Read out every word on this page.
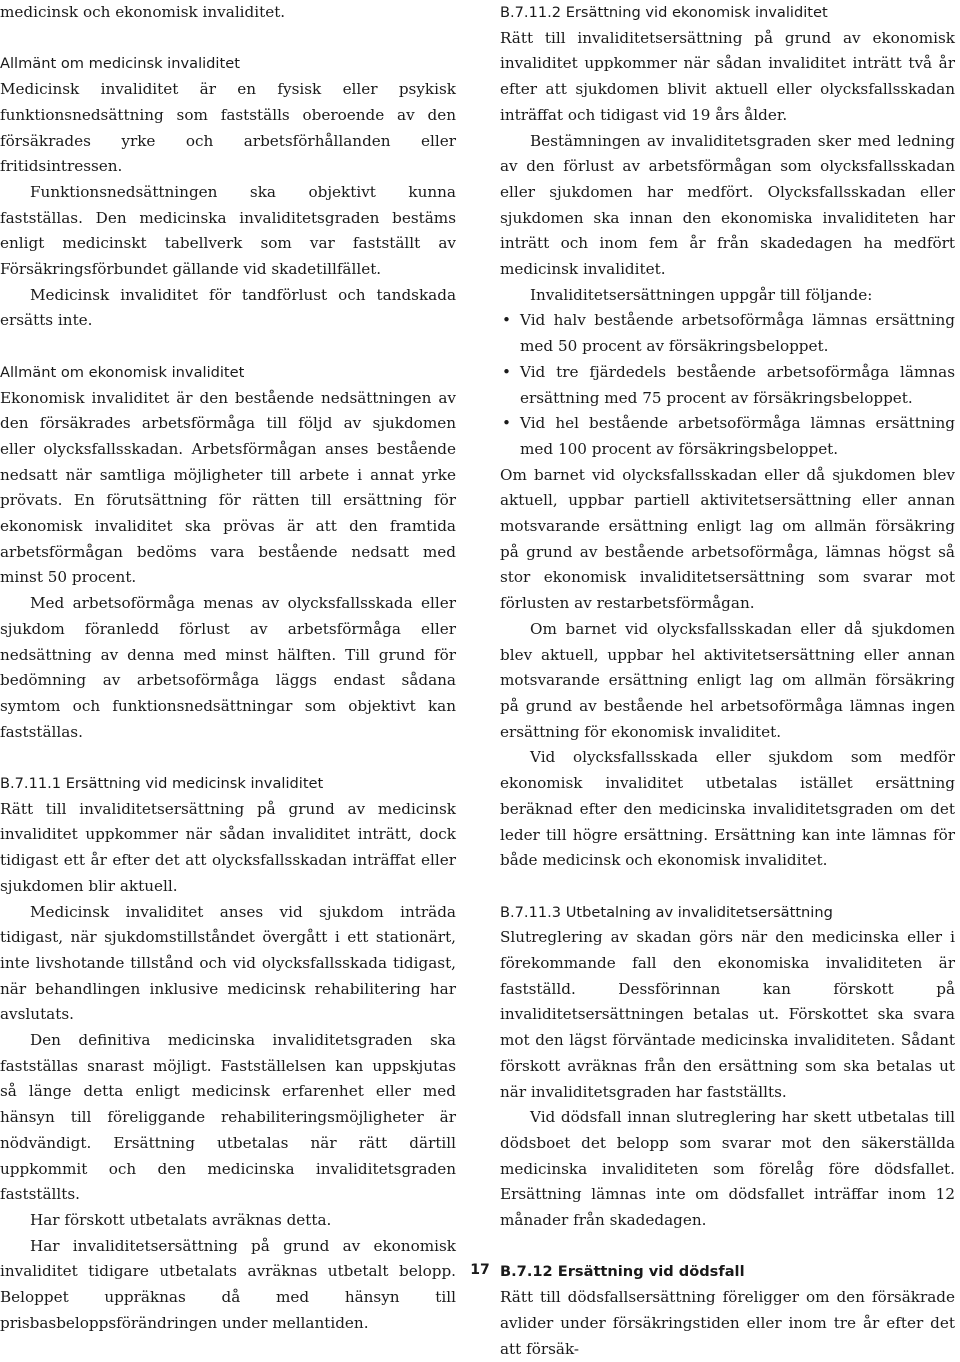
medicinsk och ekonomisk invaliditet.

Allmänt om medicinsk invaliditet

Medicinsk invaliditet är en fysisk eller psykisk funktionsnedsättning som fastställs oberoende av den försäkrades yrke och arbetsförhållanden eller fritidsintressen.

Funktionsnedsättningen ska objektivt kunna fastställas. Den medicinska invaliditetsgraden bestäms enligt medicinskt tabellverk som var fastställt av Försäkringsförbundet gällande vid skadetillfället.

Medicinsk invaliditet för tandförlust och tandskada ersätts inte.

Allmänt om ekonomisk invaliditet

Ekonomisk invaliditet är den bestående nedsättningen av den försäkrades arbetsförmåga till följd av sjukdomen eller olycksfallsskadan. Arbetsförmågan anses bestående nedsatt när samtliga möjligheter till arbete i annat yrke prövats. En förutsättning för rätten till ersättning för ekonomisk invaliditet ska prövas är att den framtida arbetsförmågan bedöms vara bestående nedsatt med minst 50 procent.

Med arbetsoförmåga menas av olycksfallsskada eller sjukdom föranledd förlust av arbetsförmåga eller nedsättning av denna med minst hälften. Till grund för bedömning av arbetsoförmåga läggs endast sådana symtom och funktionsnedsättningar som objektivt kan fastställas.

B.7.11.1 Ersättning vid medicinsk invaliditet

Rätt till invaliditetsersättning på grund av medicinsk invaliditet uppkommer när sådan invaliditet inträtt, dock tidigast ett år efter det att olycksfallsskadan inträffat eller sjukdomen blir aktuell.

Medicinsk invaliditet anses vid sjukdom inträda tidigast, när sjukdomstillståndet övergått i ett stationärt, inte livshotande tillstånd och vid olycksfallsskada tidigast, när behandlingen inklusive medicinsk rehabilitering har avslutats.

Den definitiva medicinska invaliditetsgraden ska fastställas snarast möjligt. Fastställelsen kan uppskjutas så länge detta enligt medicinsk erfarenhet eller med hänsyn till föreliggande rehabiliteringsmöjligheter är nödvändigt. Ersättning utbetalas när rätt därtill uppkommit och den medicinska invaliditetsgraden fastställts.

Har förskott utbetalats avräknas detta.

Har invaliditetsersättning på grund av ekonomisk invaliditet tidigare utbetalats avräknas utbetalt belopp. Beloppet uppräknas då med hänsyn till prisbasbeloppsförändringen under mellantiden.

B.7.11.2 Ersättning vid ekonomisk invaliditet

Rätt till invaliditetsersättning på grund av ekonomisk invaliditet uppkommer när sådan invaliditet inträtt två år efter att sjukdomen blivit aktuell eller olycksfallsskadan inträffat och tidigast vid 19 års ålder.

Bestämningen av invaliditetsgraden sker med ledning av den förlust av arbetsförmågan som olycksfallsskadan eller sjukdomen har medfört. Olycksfallsskadan eller sjukdomen ska innan den ekonomiska invaliditeten har inträtt och inom fem år från skadedagen ha medfört medicinsk invaliditet.

Invaliditetsersättningen uppgår till följande:

• Vid halv bestående arbetsoförmåga lämnas ersättning med 50 procent av försäkringsbeloppet.
• Vid tre fjärdedels bestående arbetsoförmåga lämnas ersättning med 75 procent av försäkringsbeloppet.
• Vid hel bestående arbetsoförmåga lämnas ersättning med 100 procent av försäkringsbeloppet.

Om barnet vid olycksfallsskadan eller då sjukdomen blev aktuell, uppbar partiell aktivitetsersättning eller annan motsvarande ersättning enligt lag om allmän försäkring på grund av bestående arbetsoförmåga, lämnas högst så stor ekonomisk invaliditetsersättning som svarar mot förlusten av restarbetsförmågan.

Om barnet vid olycksfallsskadan eller då sjukdomen blev aktuell, uppbar hel aktivitetsersättning eller annan motsvarande ersättning enligt lag om allmän försäkring på grund av bestående hel arbetsoförmåga lämnas ingen ersättning för ekonomisk invaliditet.

Vid olycksfallsskada eller sjukdom som medför ekonomisk invaliditet utbetalas istället ersättning beräknad efter den medicinska invaliditetsgraden om det leder till högre ersättning. Ersättning kan inte lämnas för både medicinsk och ekonomisk invaliditet.

B.7.11.3 Utbetalning av invaliditetsersättning

Slutreglering av skadan görs när den medicinska eller i förekommande fall den ekonomiska invaliditeten är fastställd. Dessförinnan kan förskott på invaliditetsersättningen betalas ut. Förskottet ska svara mot den lägst förväntade medicinska invaliditeten. Sådant förskott avräknas från den ersättning som ska betalas ut när invaliditetsgraden har fastställts.

Vid dödsfall innan slutreglering har skett utbetalas till dödsboet det belopp som svarar mot den säkerställda medicinska invaliditeten som förelåg före dödsfallet. Ersättning lämnas inte om dödsfallet inträffar inom 12 månader från skadedagen.

B.7.12 Ersättning vid dödsfall

Rätt till dödsfallsersättning föreligger om den försäkrade avlider under försäkringstiden eller inom tre år efter det att försäk-

17
